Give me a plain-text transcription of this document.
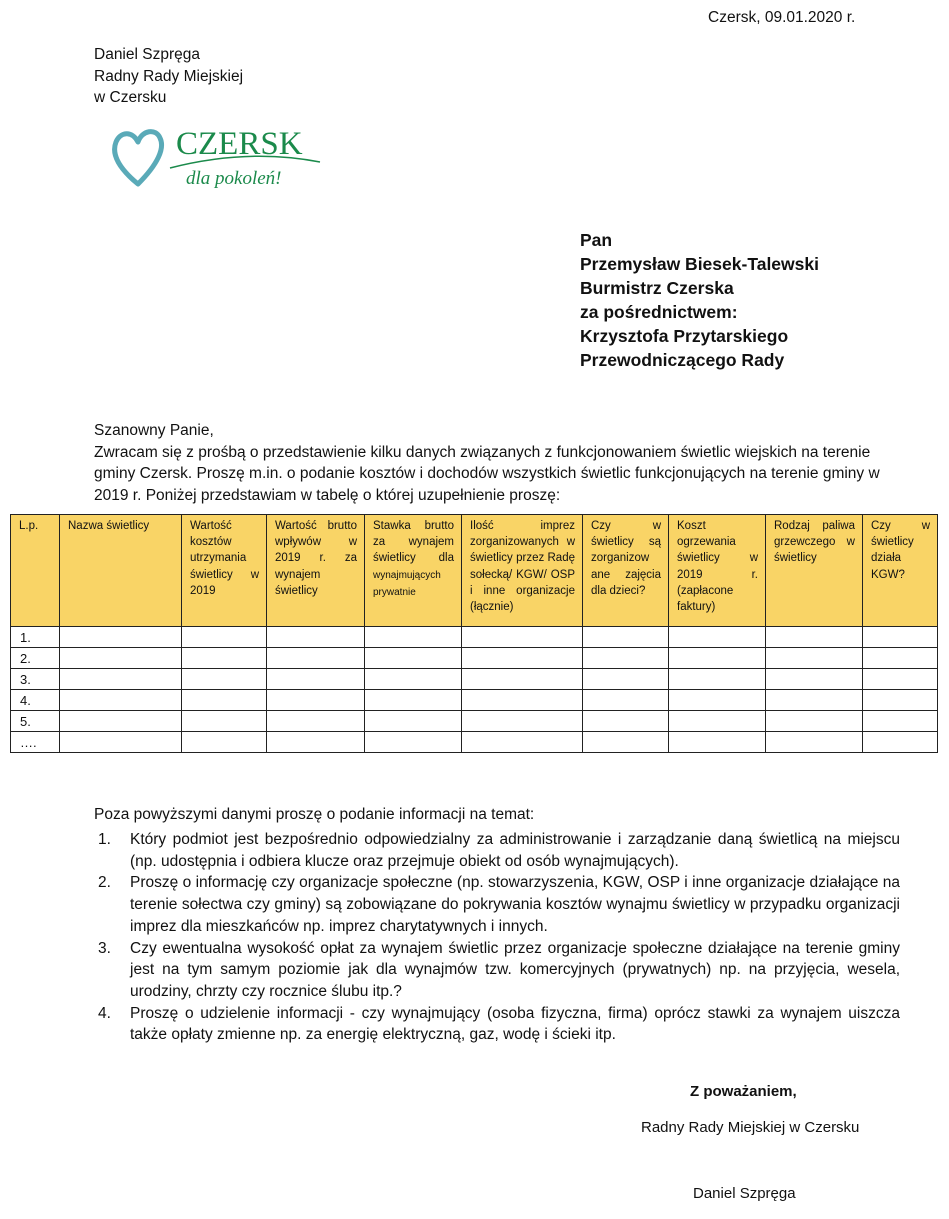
Czersk, 09.01.2020 r.
Daniel Szpręga
Radny Rady Miejskiej
w Czersku
CZERSK
dla pokoleń!
Pan
Przemysław Biesek-Talewski
Burmistrz Czerska
za pośrednictwem:
Krzysztofa Przytarskiego
Przewodniczącego Rady

Szanowny Panie,

Zwracam się z prośbą o przedstawienie kilku danych związanych z funkcjonowaniem świetlic wiejskich na terenie gminy Czersk. Proszę m.in. o podanie kosztów i dochodów wszystkich świetlic funkcjonujących na terenie gminy w 2019 r. Poniżej przedstawiam w tabelę o której uzupełnienie proszę:

L.p.	Nazwa świetlicy	Wartość kosztów utrzymania świetlicy w 2019	Wartość brutto wpływów w 2019 r. za wynajem świetlicy	Stawka brutto za wynajem świetlicy dla wynajmujących prywatnie	Ilość imprez zorganizowanych w świetlicy przez Radę sołecką/ KGW/ OSP i inne organizacje (łącznie)	Czy w świetlicy są zorganizow ane zajęcia dla dzieci?	Koszt ogrzewania świetlicy w 2019 r. (zapłacone faktury)	Rodzaj paliwa grzewczego w świetlicy	Czy w świetlicy działa KGW?
1.									
2.									
3.									
4.									
5.									
….									
Poza powyższymi danymi proszę o podanie informacji na temat:
1. Który podmiot jest bezpośrednio odpowiedzialny za administrowanie i zarządzanie daną świetlicą na miejscu (np. udostępnia i odbiera klucze oraz przejmuje obiekt od osób wynajmujących).
2. Proszę o informację czy organizacje społeczne (np. stowarzyszenia, KGW, OSP i inne organizacje działające na terenie sołectwa czy gminy) są zobowiązane do pokrywania kosztów wynajmu świetlicy w przypadku organizacji imprez dla mieszkańców np. imprez charytatywnych i innych.
3. Czy ewentualna wysokość opłat za wynajem świetlic przez organizacje społeczne działające na terenie gminy jest na tym samym poziomie jak dla wynajmów tzw. komercyjnych (prywatnych) np. na przyjęcia, wesela, urodziny, chrzty czy rocznice ślubu itp.?
4. Proszę o udzielenie informacji - czy wynajmujący (osoba fizyczna, firma) oprócz stawki za wynajem uiszcza także opłaty zmienne np. za energię elektryczną, gaz, wodę i ścieki itp.
Z poważaniem,
Radny Rady Miejskiej w Czersku
Daniel Szpręga
